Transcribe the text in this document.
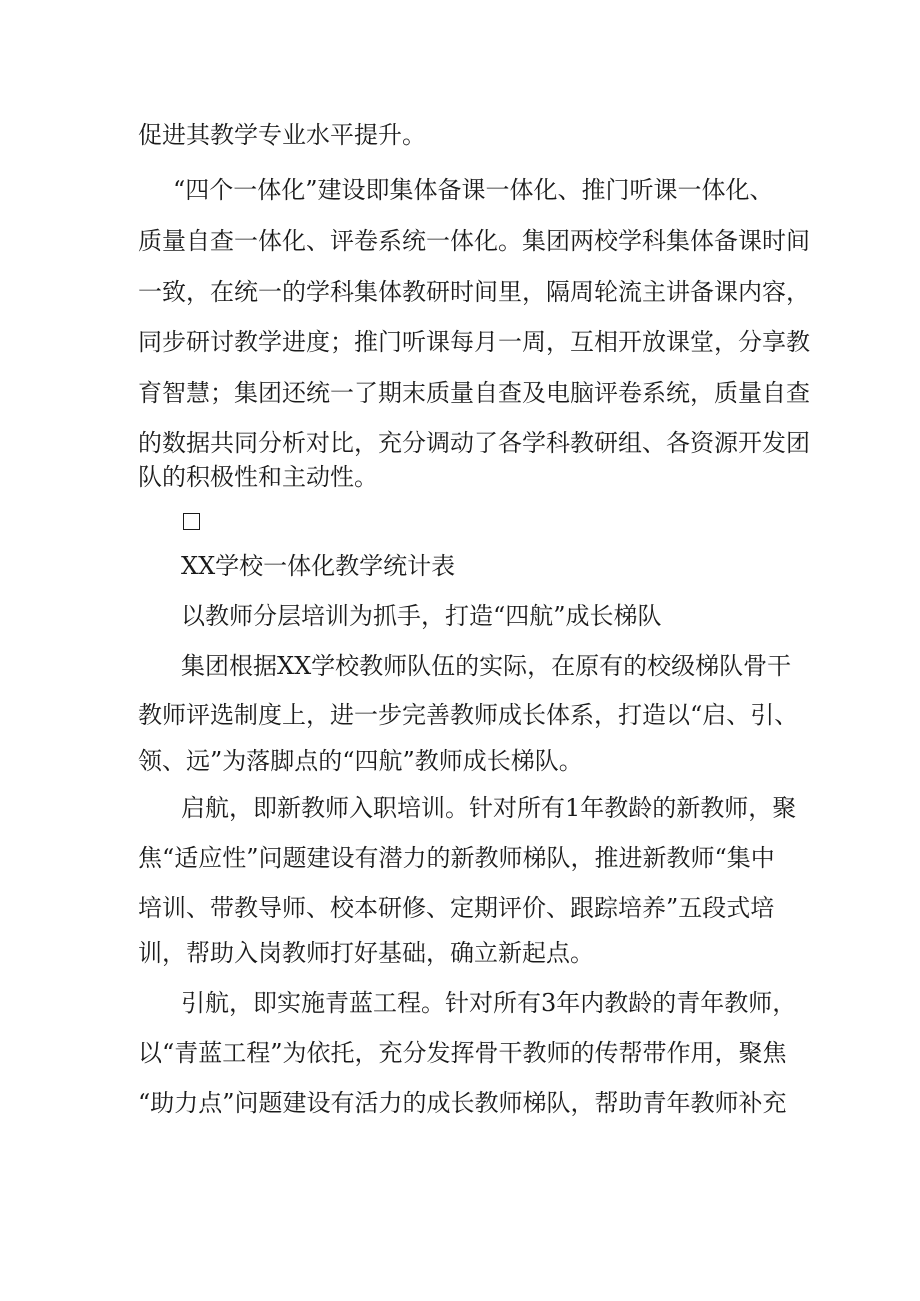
促进其教学专业水平提升。

“四个一体化”建设即集体备课一体化、推门听课一体化、

质量自查一体化、评卷系统一体化。集团两校学科集体备课时间

一致，在统一的学科集体教研时间里，隔周轮流主讲备课内容，

同步研讨教学进度；推门听课每月一周，互相开放课堂，分享教

育智慧；集团还统一了期末质量自查及电脑评卷系统，质量自查

的数据共同分析对比，充分调动了各学科教研组、各资源开发团

队的积极性和主动性。

XX学校一体化教学统计表

以教师分层培训为抓手，打造“四航”成长梯队

集团根据XX学校教师队伍的实际，在原有的校级梯队骨干

教师评选制度上，进一步完善教师成长体系，打造以“启、引、

领、远”为落脚点的“四航”教师成长梯队。

启航，即新教师入职培训。针对所有1年教龄的新教师，聚

焦“适应性”问题建设有潜力的新教师梯队，推进新教师“集中

培训、带教导师、校本研修、定期评价、跟踪培养”五段式培

训，帮助入岗教师打好基础，确立新起点。

引航，即实施青蓝工程。针对所有3年内教龄的青年教师，

以“青蓝工程”为依托，充分发挥骨干教师的传帮带作用，聚焦

“助力点”问题建设有活力的成长教师梯队，帮助青年教师补充
